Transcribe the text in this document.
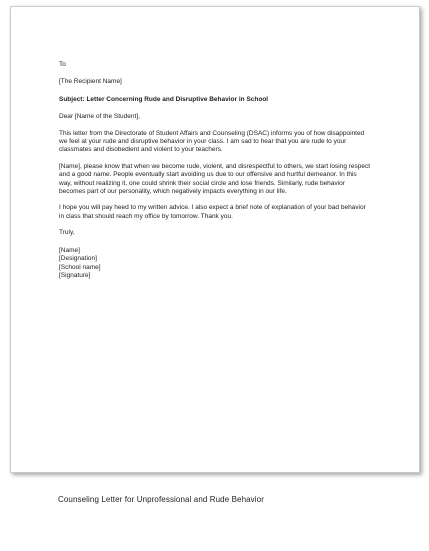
To

[The Recipient Name]

Subject: Letter Concerning Rude and Disruptive Behavior in School

Dear [Name of the Student],

This letter from the Directorate of Student Affairs and Counseling (DSAC) informs you of how disappointed we feel at your rude and disruptive behavior in your class. I am sad to hear that you are rude to your classmates and disobedient and violent to your teachers.

[Name], please know that when we become rude, violent, and disrespectful to others, we start losing respect and a good name. People eventually start avoiding us due to our offensive and hurtful demeanor. In this way, without realizing it, one could shrink their social circle and lose friends. Similarly, rude behavior becomes part of our personality, which negatively impacts everything in our life.

I hope you will pay heed to my written advice. I also expect a brief note of explanation of your bad behavior in class that should reach my office by tomorrow. Thank you.

Truly,

[Name]
[Designation]
[School name]
[Signature]
Counseling Letter for Unprofessional and Rude Behavior
